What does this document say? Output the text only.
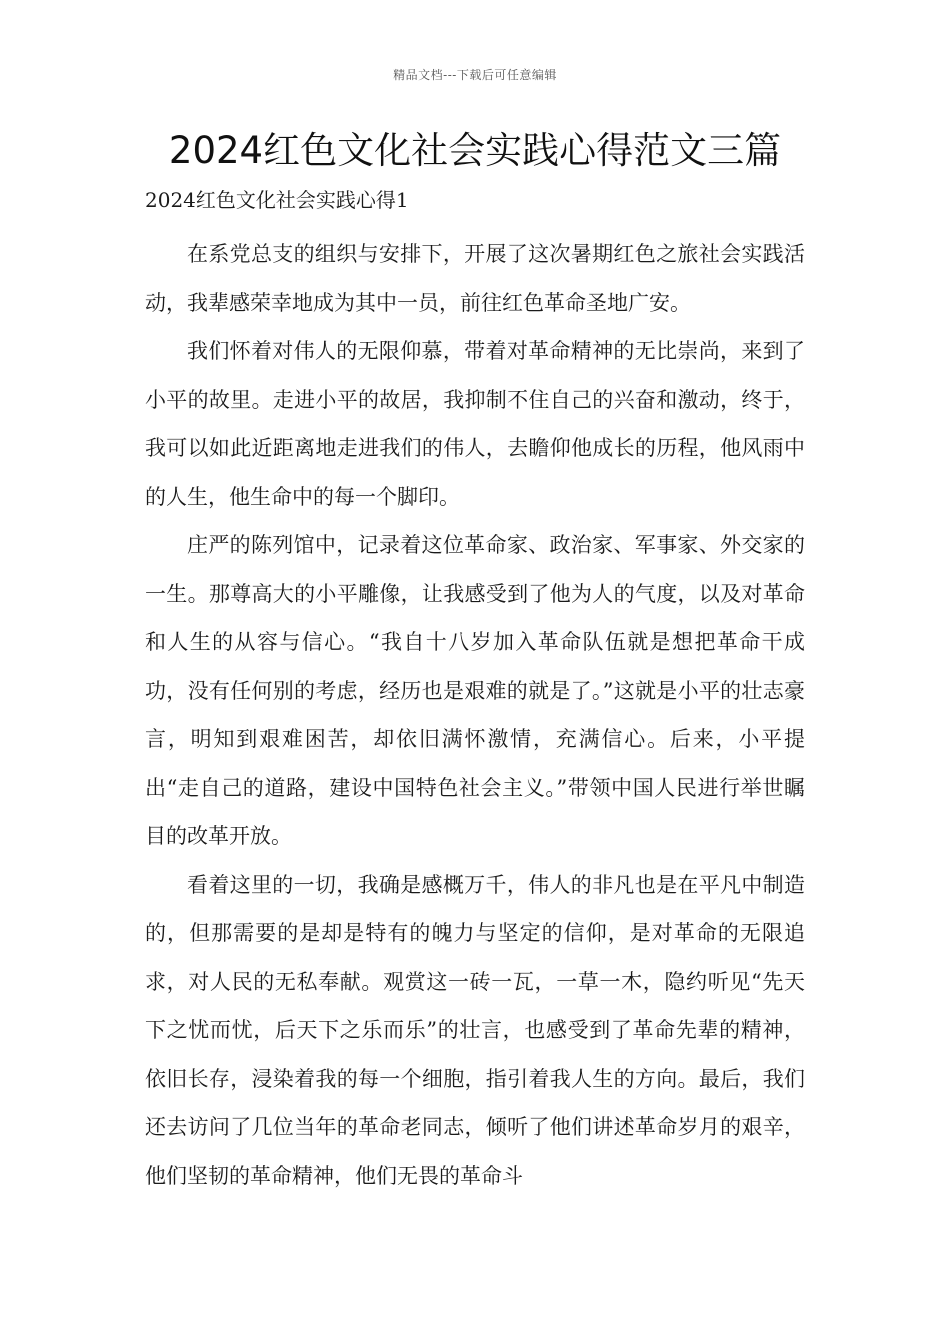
精品文档---下载后可任意编辑
2024红色文化社会实践心得范文三篇
2024红色文化社会实践心得1

在系党总支的组织与安排下，开展了这次暑期红色之旅社会实践活动，我辈感荣幸地成为其中一员，前往红色革命圣地广安。

我们怀着对伟人的无限仰慕，带着对革命精神的无比崇尚，来到了小平的故里。走进小平的故居，我抑制不住自己的兴奋和激动，终于，我可以如此近距离地走进我们的伟人，去瞻仰他成长的历程，他风雨中的人生，他生命中的每一个脚印。

庄严的陈列馆中，记录着这位革命家、政治家、军事家、外交家的一生。那尊高大的小平雕像，让我感受到了他为人的气度，以及对革命和人生的从容与信心。“我自十八岁加入革命队伍就是想把革命干成功，没有任何别的考虑，经历也是艰难的就是了。”这就是小平的壮志豪言，明知到艰难困苦，却依旧满怀激情，充满信心。后来，小平提出“走自己的道路，建设中国特色社会主义。”带领中国人民进行举世瞩目的改革开放。

看着这里的一切，我确是感概万千，伟人的非凡也是在平凡中制造的，但那需要的是却是特有的魄力与坚定的信仰，是对革命的无限追求，对人民的无私奉献。观赏这一砖一瓦，一草一木，隐约听见“先天下之忧而忧，后天下之乐而乐”的壮言，也感受到了革命先辈的精神，依旧长存，浸染着我的每一个细胞，指引着我人生的方向。最后，我们还去访问了几位当年的革命老同志，倾听了他们讲述革命岁月的艰辛，他们坚韧的革命精神，他们无畏的革命斗
